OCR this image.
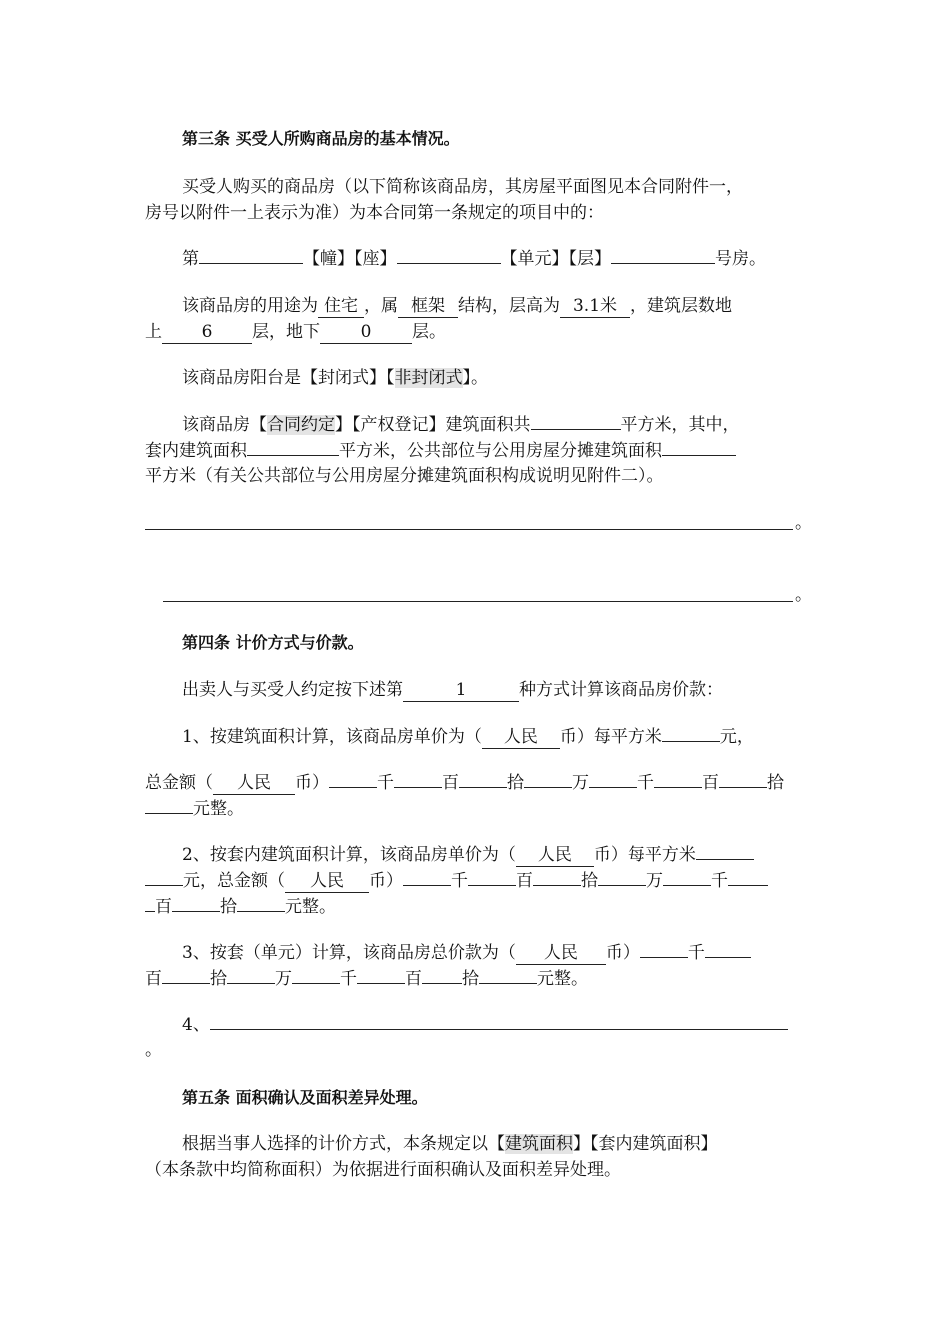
第三条 买受人所购商品房的基本情况。
买受人购买的商品房（以下简称该商品房，其房屋平面图见本合同附件一，
房号以附件一上表示为准）为本合同第一条规定的项目中的：
第	【幢】【座】	【单元】【层】	号房。
该商品房的用途为 住宅 ，属 框架 结构，层高为 3.1米 ，建筑层数地
上 6 层，地下 0 层。
该商品房阳台是【封闭式】【非封闭式】。
该商品房【合同约定】【产权登记】建筑面积共	平方米，其中，
套内建筑面积	平方米，公共部位与公用房屋分摊建筑面积
平方米（有关公共部位与公用房屋分摊建筑面积构成说明见附件二）。
。
。
第四条 计价方式与价款。
出卖人与买受人约定按下述第	1	种方式计算该商品房价款：
1、按建筑面积计算，该商品房单价为（ 人民 币）每平方米	元，
总金额（ 人民 币）	千	百	拾	万	千	百	拾
元整。
2、按套内建筑面积计算，该商品房单价为（ 人民 币）每平方米
元，总金额（ 人民 币）	千	百	拾	万	千
百	拾	元整。
3、按套（单元）计算，该商品房总价款为（ 人民 币）	千
百	拾	万	千	百 拾	元整。
4、
。
第五条 面积确认及面积差异处理。
根据当事人选择的计价方式，本条规定以【建筑面积】【套内建筑面积】
（本条款中均简称面积）为依据进行面积确认及面积差异处理。
